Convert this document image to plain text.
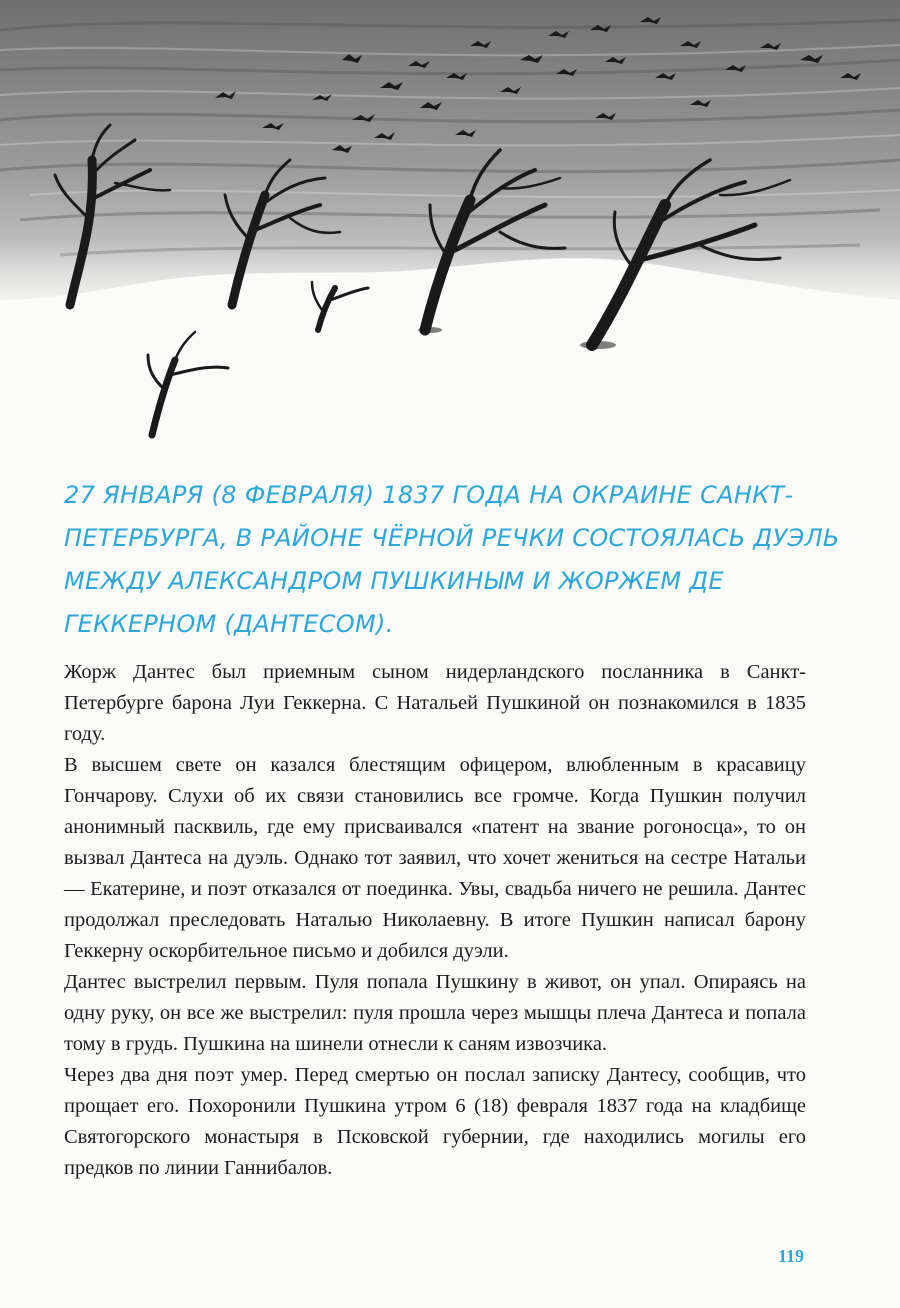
27 ЯНВАРЯ (8 ФЕВРАЛЯ) 1837 ГОДА НА ОКРАИНЕ САНКТ-ПЕТЕРБУРГА, В РАЙОНЕ ЧЁРНОЙ РЕЧКИ СОСТОЯЛАСЬ ДУЭЛЬ МЕЖДУ АЛЕКСАНДРОМ ПУШКИНЫМ И ЖОРЖЕМ ДЕ ГЕККЕРНОМ (ДАНТЕСОМ).

Жорж Дантес был приемным сыном нидерландского посланника в Санкт-Петербурге барона Луи Геккерна. С Натальей Пушкиной он познакомился в 1835 году.

В высшем свете он казался блестящим офицером, влюбленным в красавицу Гончарову. Слухи об их связи становились все громче. Когда Пушкин получил анонимный пасквиль, где ему присваивался «патент на звание рогоносца», то он вызвал Дантеса на дуэль. Однако тот заявил, что хочет жениться на сестре Натальи — Екатерине, и поэт отказался от поединка. Увы, свадьба ничего не решила. Дантес продолжал преследовать Наталью Николаевну. В итоге Пушкин написал барону Геккерну оскорбительное письмо и добился дуэли.

Дантес выстрелил первым. Пуля попала Пушкину в живот, он упал. Опираясь на одну руку, он все же выстрелил: пуля прошла через мышцы плеча Дантеса и попала тому в грудь. Пушкина на шинели отнесли к саням извозчика.

Через два дня поэт умер. Перед смертью он послал записку Дантесу, сообщив, что прощает его. Похоронили Пушкина утром 6 (18) февраля 1837 года на кладбище Святогорского монастыря в Псковской губернии, где находились могилы его предков по линии Ганнибалов.

119
